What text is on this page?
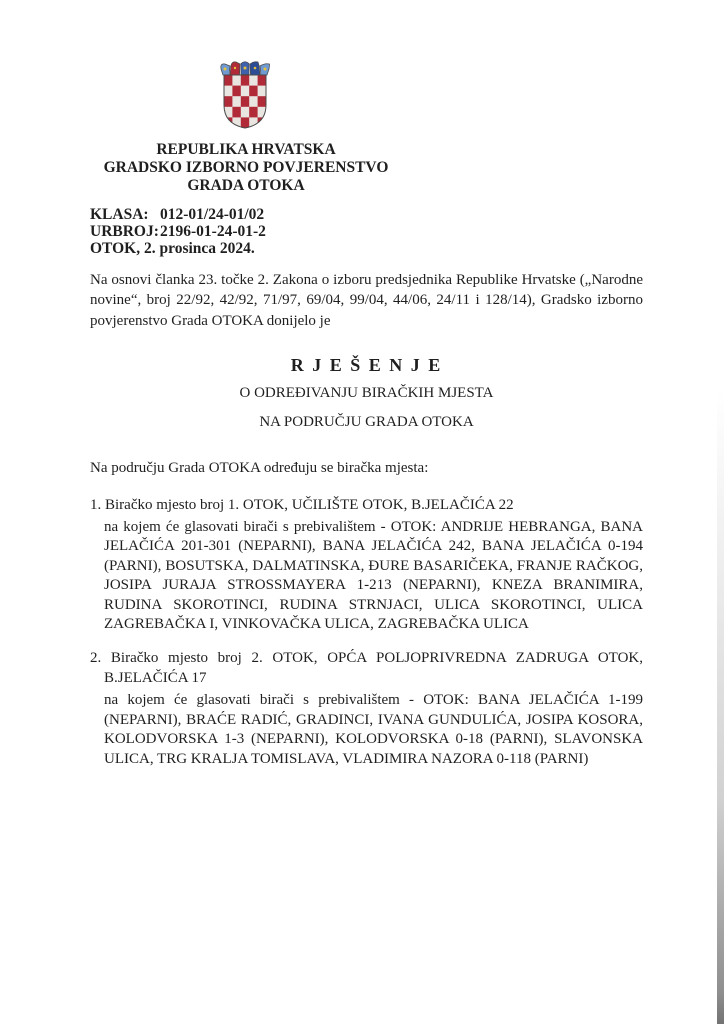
REPUBLIKA HRVATSKA
GRADSKO IZBORNO POVJERENSTVO
GRADA OTOKA
KLASA: 012-01/24-01/02
URBROJ:2196-01-24-01-2
OTOK, 2. prosinca 2024.

Na osnovi članka 23. točke 2. Zakona o izboru predsjednika Republike Hrvatske („Narodne novine“, broj 22/92, 42/92, 71/97, 69/04, 99/04, 44/06, 24/11 i 128/14), Gradsko izborno povjerenstvo Grada OTOKA donijelo je

R J E Š E N J E
O ODREĐIVANJU BIRAČKIH MJESTA
NA PODRUČJU GRADA OTOKA

Na području Grada OTOKA određuju se biračka mjesta:

1. Biračko mjesto broj 1. OTOK, UČILIŠTE OTOK, B.JELAČIĆA 22

na kojem će glasovati birači s prebivalištem - OTOK: ANDRIJE HEBRANGA, BANA JELAČIĆA 201-301 (NEPARNI), BANA JELAČIĆA 242, BANA JELAČIĆA 0-194 (PARNI), BOSUTSKA, DALMATINSKA, ĐURE BASARIČEKA, FRANJE RAČKOG, JOSIPA JURAJA STROSSMAYERA 1-213 (NEPARNI), KNEZA BRANIMIRA, RUDINA SKOROTINCI, RUDINA STRNJACI, ULICA SKOROTINCI, ULICA ZAGREBAČKA I, VINKOVAČKA ULICA, ZAGREBAČKA ULICA

2. Biračko mjesto broj 2. OTOK, OPĆA POLJOPRIVREDNA ZADRUGA OTOK, B.JELAČIĆA 17

na kojem će glasovati birači s prebivalištem - OTOK: BANA JELAČIĆA 1-199 (NEPARNI), BRAĆE RADIĆ, GRADINCI, IVANA GUNDULIĆA, JOSIPA KOSORA, KOLODVORSKA 1-3 (NEPARNI), KOLODVORSKA 0-18 (PARNI), SLAVONSKA ULICA, TRG KRALJA TOMISLAVA, VLADIMIRA NAZORA 0-118 (PARNI)
